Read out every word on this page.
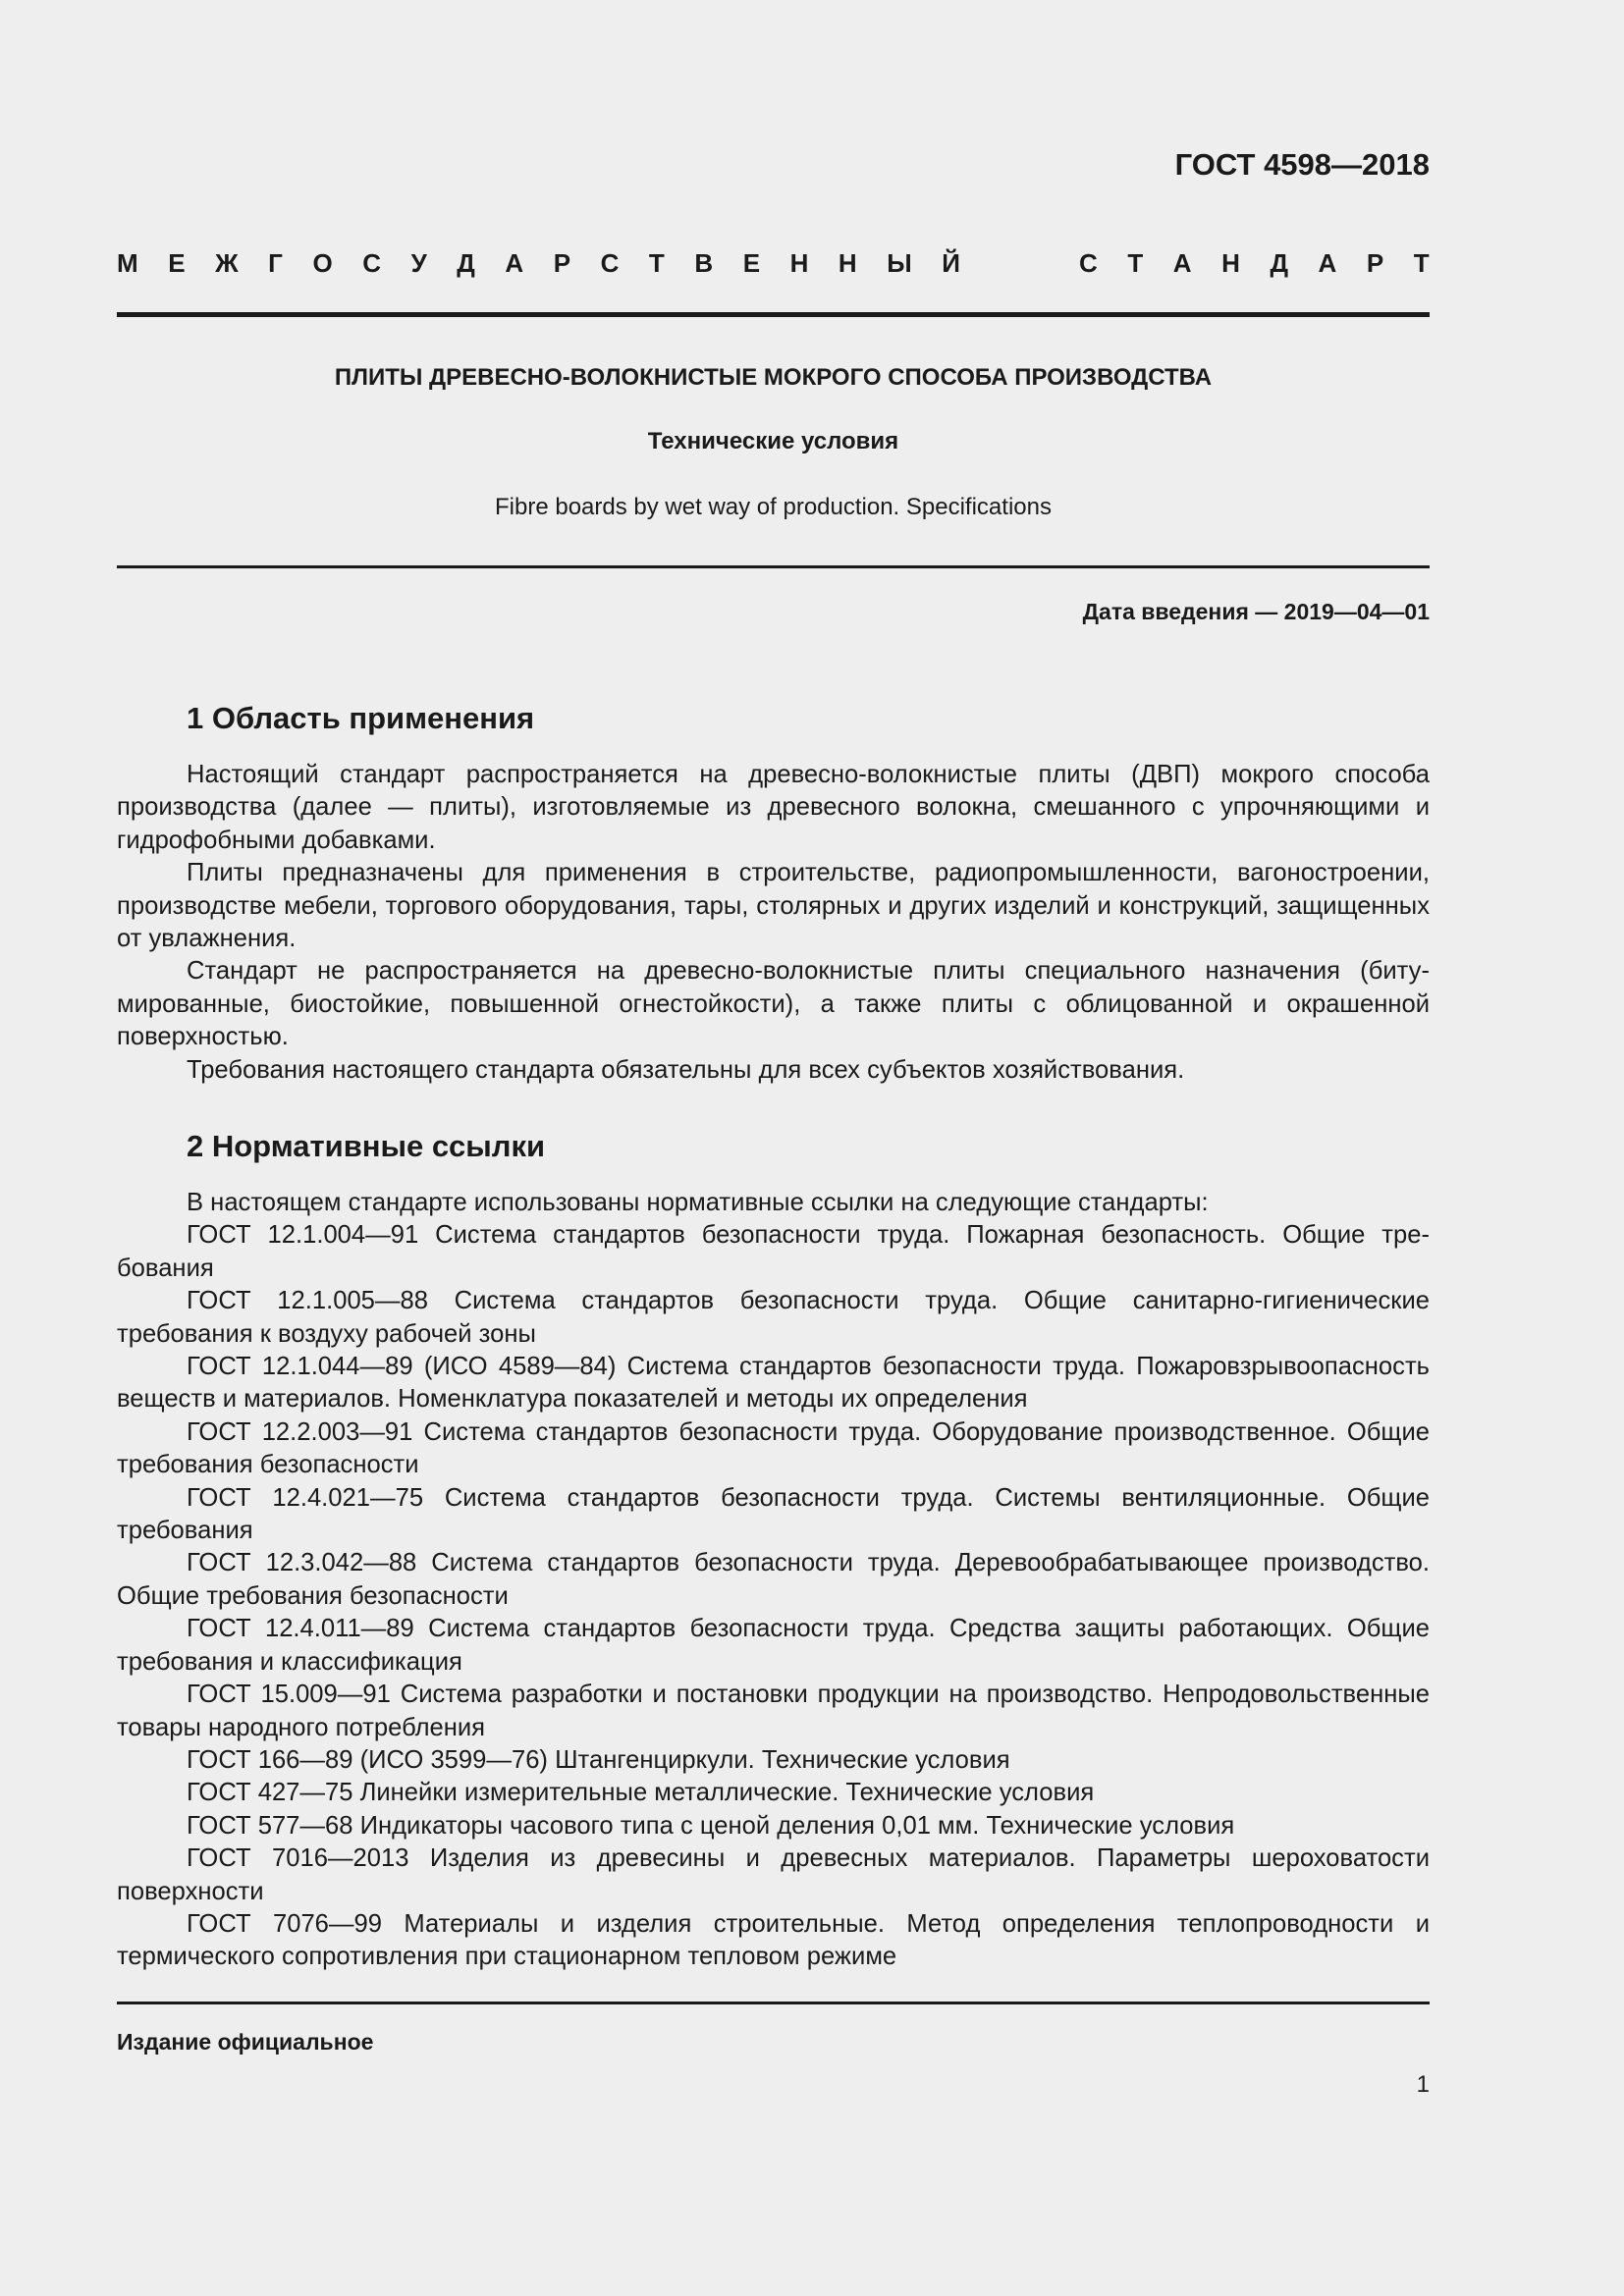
ГОСТ 4598—2018
М Е Ж Г О С У Д А Р С Т В Е Н Н Ы Й	С Т А Н Д А Р Т
ПЛИТЫ ДРЕВЕСНО-ВОЛОКНИСТЫЕ МОКРОГО СПОСОБА ПРОИЗВОДСТВА
Технические условия
Fibre boards by wet way of production. Specifications
Дата введения — 2019—04—01
1 Область применения

Настоящий стандарт распространяется на древесно-волокнистые плиты (ДВП) мокрого способа производства (далее — плиты), изготовляемые из древесного волокна, смешанного с упрочняющими и гидрофобными добавками.

Плиты предназначены для применения в строительстве, радиопромышленности, вагоностроении, производстве мебели, торгового оборудования, тары, столярных и других изделий и конструкций, защищенных от увлажнения.

Стандарт не распространяется на древесно-волокнистые плиты специального назначения (битумированные, биостойкие, повышенной огнестойкости), а также плиты с облицованной и окрашенной поверхностью.

Требования настоящего стандарта обязательны для всех субъектов хозяйствования.

2 Нормативные ссылки

В настоящем стандарте использованы нормативные ссылки на следующие стандарты:

ГОСТ 12.1.004—91 Система стандартов безопасности труда. Пожарная безопасность. Общие требования

ГОСТ 12.1.005—88 Система стандартов безопасности труда. Общие санитарно-гигиенические требования к воздуху рабочей зоны

ГОСТ 12.1.044—89 (ИСО 4589—84) Система стандартов безопасности труда. Пожаровзрывоопасность веществ и материалов. Номенклатура показателей и методы их определения

ГОСТ 12.2.003—91 Система стандартов безопасности труда. Оборудование производственное. Общие требования безопасности

ГОСТ 12.4.021—75 Система стандартов безопасности труда. Системы вентиляционные. Общие требования

ГОСТ 12.3.042—88 Система стандартов безопасности труда. Деревообрабатывающее производство. Общие требования безопасности

ГОСТ 12.4.011—89 Система стандартов безопасности труда. Средства защиты работающих. Общие требования и классификация

ГОСТ 15.009—91 Система разработки и постановки продукции на производство. Непродовольственные товары народного потребления

ГОСТ 166—89 (ИСО 3599—76) Штангенциркули. Технические условия

ГОСТ 427—75 Линейки измерительные металлические. Технические условия

ГОСТ 577—68 Индикаторы часового типа с ценой деления 0,01 мм. Технические условия

ГОСТ 7016—2013 Изделия из древесины и древесных материалов. Параметры шероховатости поверхности

ГОСТ 7076—99 Материалы и изделия строительные. Метод определения теплопроводности и термического сопротивления при стационарном тепловом режиме

Издание официальное
1
